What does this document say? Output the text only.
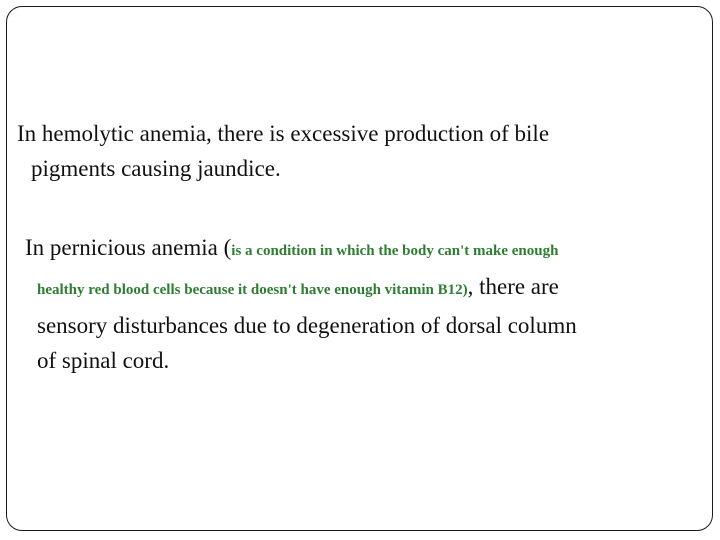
In hemolytic anemia, there is excessive production of bile
pigments causing jaundice.
In pernicious anemia (is a condition in which the body can't make enough
healthy red blood cells because it doesn't have enough vitamin B12), there are
sensory disturbances due to degeneration of dorsal column
of spinal cord.
